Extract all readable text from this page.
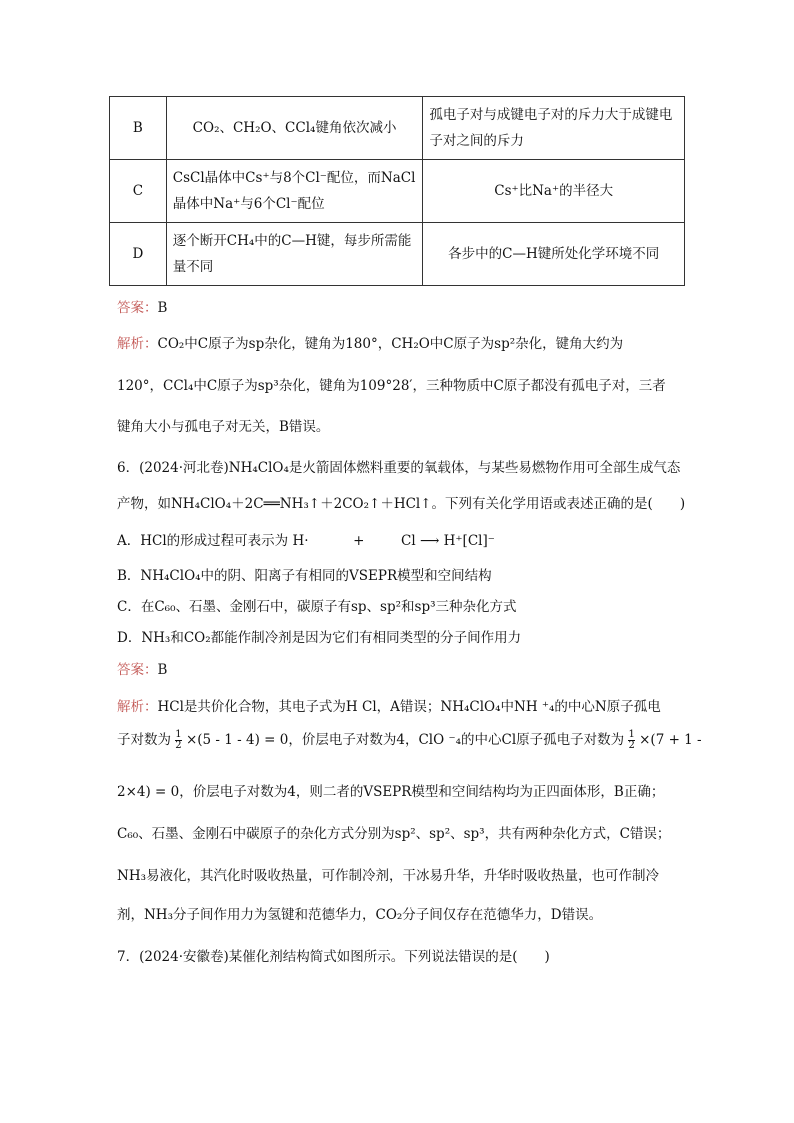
B	CO₂、CH₂O、CCl₄键角依次减小	孤电子对与成键电子对的斥力大于成键电子对之间的斥力
C	CsCl晶体中Cs⁺与8个Cl⁻配位，而NaCl晶体中Na⁺与6个Cl⁻配位	Cs⁺比Na⁺的半径大
D	逐个断开CH₄中的C—H键，每步所需能量不同	各步中的C—H键所处化学环境不同
答案：B
解析：CO₂中C原子为sp杂化，键角为180°，CH₂O中C原子为sp²杂化，键角大约为
120°，CCl₄中C原子为sp³杂化，键角为109°28′，三种物质中C原子都没有孤电子对，三者
键角大小与孤电子对无关，B错误。
6．(2024·河北卷)NH₄ClO₄是火箭固体燃料重要的氧载体，与某些易燃物作用可全部生成气态
产物，如NH₄ClO₄＋2C══NH₃↑＋2CO₂↑＋HCl↑。下列有关化学用语或表述正确的是(　　)
A．HCl的形成过程可表示为 H·	+	Cl ⟶ H⁺[Cl]⁻
B．NH₄ClO₄中的阴、阳离子有相同的VSEPR模型和空间结构
C．在C₆₀、石墨、金刚石中，碳原子有sp、sp²和sp³三种杂化方式
D．NH₃和CO₂都能作制冷剂是因为它们有相同类型的分子间作用力
答案：B
解析：HCl是共价化合物，其电子式为H Cl，A错误；NH₄ClO₄中NH ⁺₄的中心N原子孤电
子对数为 $\frac{1}{2} \times(5 - 1 - 4) = 0$，价层电子对数为4，ClO ⁻₄的中心Cl原子孤电子对数为 $\frac{1}{2} \times(7 + 1$ -
2×4) = 0，价层电子对数为4，则二者的VSEPR模型和空间结构均为正四面体形，B正确；
C₆₀、石墨、金刚石中碳原子的杂化方式分别为sp²、sp²、sp³，共有两种杂化方式，C错误；
NH₃易液化，其汽化时吸收热量，可作制冷剂，干冰易升华，升华时吸收热量，也可作制冷
剂，NH₃分子间作用力为氢键和范德华力，CO₂分子间仅存在范德华力，D错误。
7．(2024·安徽卷)某催化剂结构简式如图所示。下列说法错误的是(　　)
